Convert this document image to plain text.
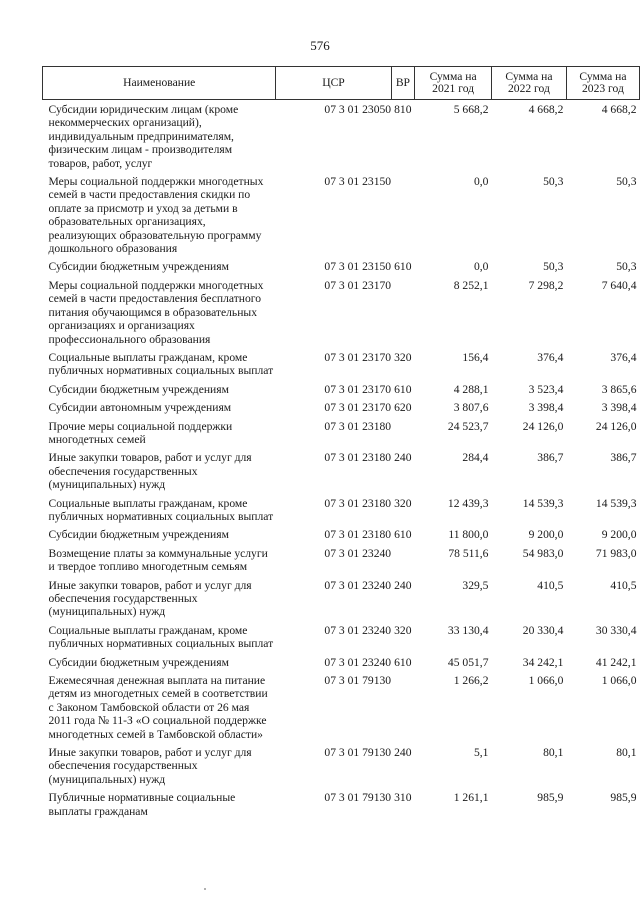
576
Наименование	ЦСР	ВР	Сумма на 2021 год	Сумма на 2022 год	Сумма на 2023 год
Субсидии юридическим лицам (кроме некоммерческих организаций), индивидуальным предпринимателям, физическим лицам - производителям товаров, работ, услуг	07 3 01 23050	810	5 668,2	4 668,2	4 668,2
Меры социальной поддержки многодетных семей в части предоставления скидки по оплате за присмотр и уход за детьми в образовательных организациях, реализующих образовательную программу дошкольного образования	07 3 01 23150		0,0	50,3	50,3
Субсидии бюджетным учреждениям	07 3 01 23150	610	0,0	50,3	50,3
Меры социальной поддержки многодетных семей в части предоставления бесплатного питания обучающимся в образовательных организациях и организациях профессионального образования	07 3 01 23170		8 252,1	7 298,2	7 640,4
Социальные выплаты гражданам, кроме публичных нормативных социальных выплат	07 3 01 23170	320	156,4	376,4	376,4
Субсидии бюджетным учреждениям	07 3 01 23170	610	4 288,1	3 523,4	3 865,6
Субсидии автономным учреждениям	07 3 01 23170	620	3 807,6	3 398,4	3 398,4
Прочие меры социальной поддержки многодетных семей	07 3 01 23180		24 523,7	24 126,0	24 126,0
Иные закупки товаров, работ и услуг для обеспечения государственных (муниципальных) нужд	07 3 01 23180	240	284,4	386,7	386,7
Социальные выплаты гражданам, кроме публичных нормативных социальных выплат	07 3 01 23180	320	12 439,3	14 539,3	14 539,3
Субсидии бюджетным учреждениям	07 3 01 23180	610	11 800,0	9 200,0	9 200,0
Возмещение платы за коммунальные услуги и твердое топливо многодетным семьям	07 3 01 23240		78 511,6	54 983,0	71 983,0
Иные закупки товаров, работ и услуг для обеспечения государственных (муниципальных) нужд	07 3 01 23240	240	329,5	410,5	410,5
Социальные выплаты гражданам, кроме публичных нормативных социальных выплат	07 3 01 23240	320	33 130,4	20 330,4	30 330,4
Субсидии бюджетным учреждениям	07 3 01 23240	610	45 051,7	34 242,1	41 242,1
Ежемесячная денежная выплата на питание детям из многодетных семей в соответствии с Законом Тамбовской области от 26 мая 2011 года № 11-З «О социальной поддержке многодетных семей в Тамбовской области»	07 3 01 79130		1 266,2	1 066,0	1 066,0
Иные закупки товаров, работ и услуг для обеспечения государственных (муниципальных) нужд	07 3 01 79130	240	5,1	80,1	80,1
Публичные нормативные социальные выплаты гражданам	07 3 01 79130	310	1 261,1	985,9	985,9
